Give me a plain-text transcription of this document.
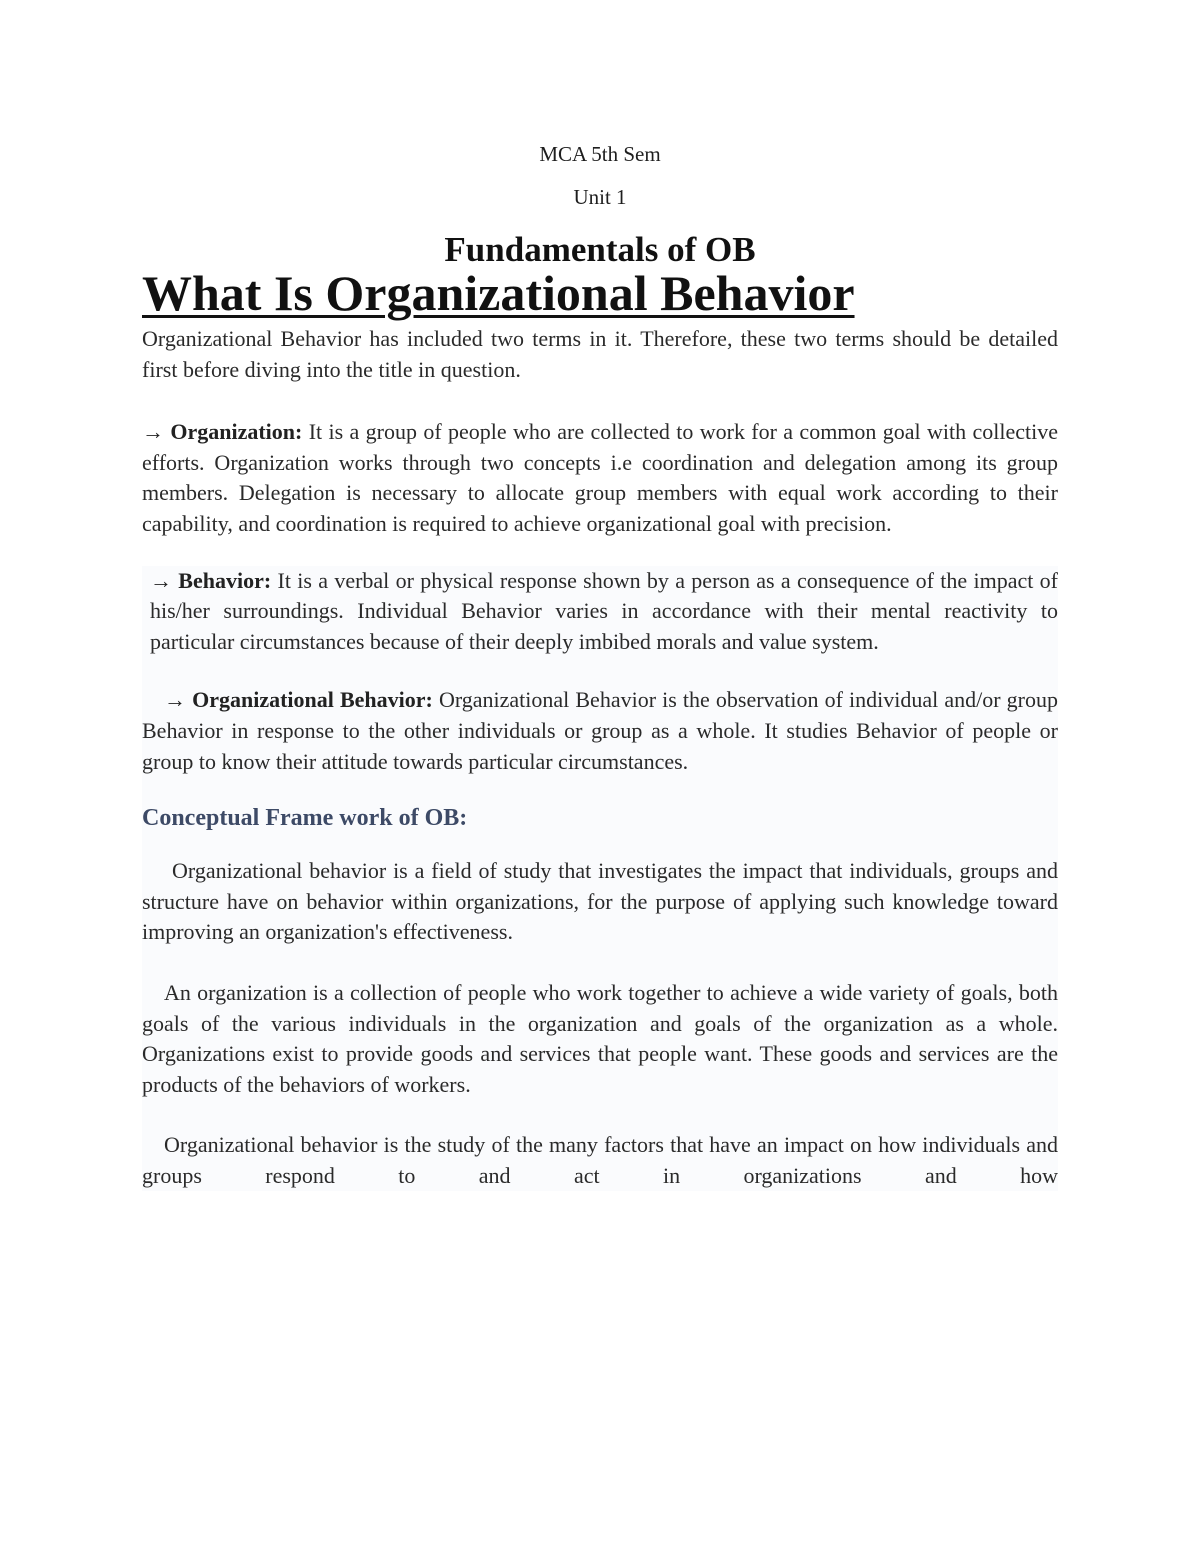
MCA 5th Sem

Unit 1

Fundamentals of OB
What Is Organizational Behavior

Organizational Behavior has included two terms in it. Therefore, these two terms should be detailed first before diving into the title in question.

→ Organization: It is a group of people who are collected to work for a common goal with collective efforts. Organization works through two concepts i.e coordination and delegation among its group members. Delegation is necessary to allocate group members with equal work according to their capability, and coordination is required to achieve organizational goal with precision.

→ Behavior: It is a verbal or physical response shown by a person as a consequence of the impact of his/her surroundings. Individual Behavior varies in accordance with their mental reactivity to particular circumstances because of their deeply imbibed morals and value system.

→ Organizational Behavior: Organizational Behavior is the observation of individual and/or group Behavior in response to the other individuals or group as a whole. It studies Behavior of people or group to know their attitude towards particular circumstances.

Conceptual Frame work of OB:

Organizational behavior is a field of study that investigates the impact that individuals, groups and structure have on behavior within organizations, for the purpose of applying such knowledge toward improving an organization's effectiveness.

An organization is a collection of people who work together to achieve a wide variety of goals, both goals of the various individuals in the organization and goals of the organization as a whole. Organizations exist to provide goods and services that people want. These goods and services are the products of the behaviors of workers.

Organizational behavior is the study of the many factors that have an impact on how individuals and groups respond to and act in organizations and how
